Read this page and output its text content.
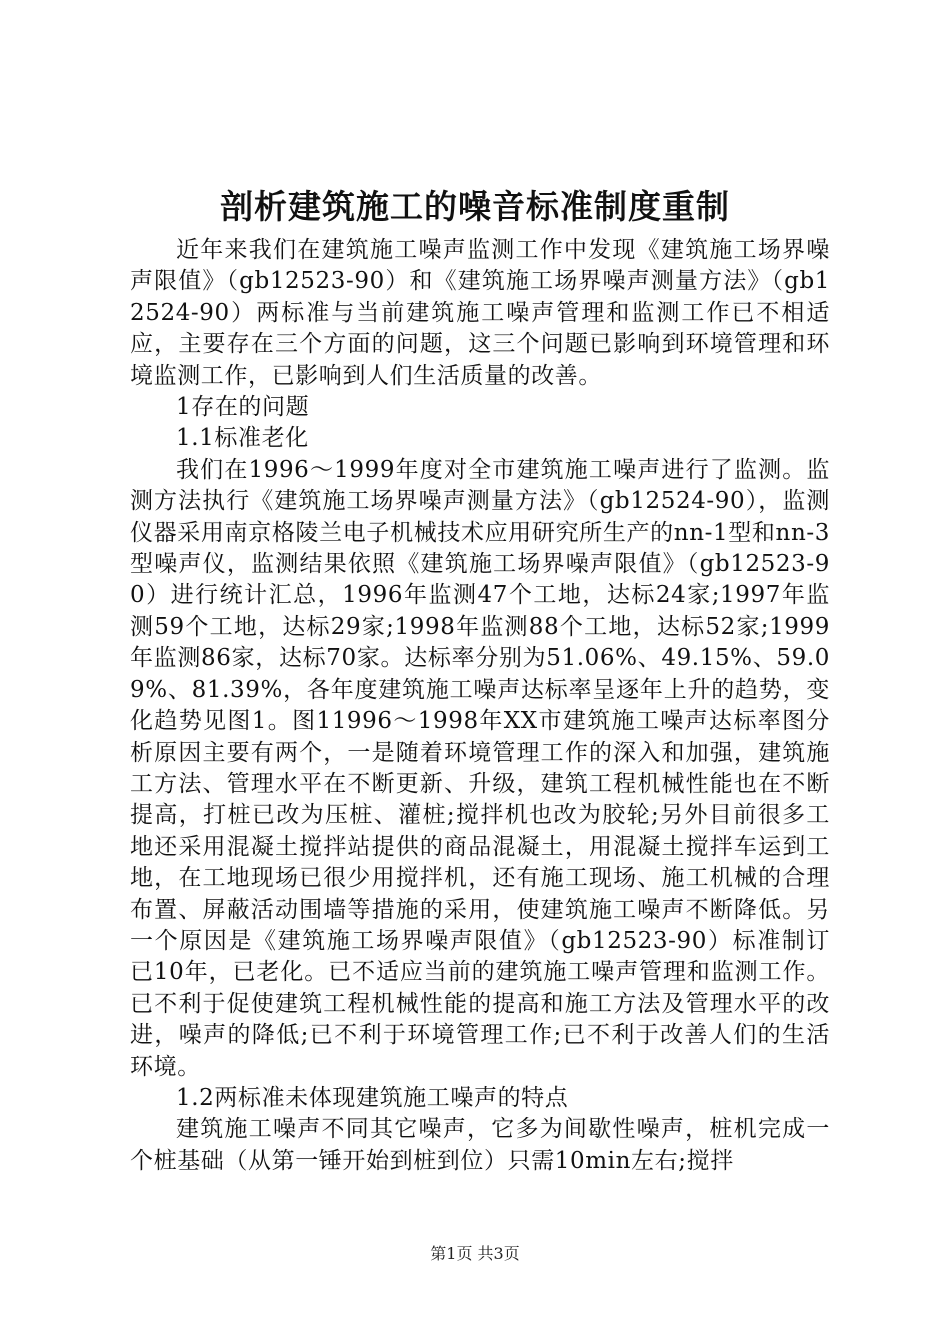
剖析建筑施工的噪音标准制度重制

近年来我们在建筑施工噪声监测工作中发现《建筑施工场界噪声限值》（gb12523-90）和《建筑施工场界噪声测量方法》（gb12524-90）两标准与当前建筑施工噪声管理和监测工作已不相适应，主要存在三个方面的问题，这三个问题已影响到环境管理和环境监测工作，已影响到人们生活质量的改善。

1存在的问题

1.1标准老化

我们在1996～1999年度对全市建筑施工噪声进行了监测。监测方法执行《建筑施工场界噪声测量方法》（gb12524-90），监测仪器采用南京格陵兰电子机械技术应用研究所生产的nn-1型和nn-3型噪声仪，监测结果依照《建筑施工场界噪声限值》（gb12523-90）进行统计汇总，1996年监测47个工地，达标24家;1997年监测59个工地，达标29家;1998年监测88个工地，达标52家;1999年监测86家，达标70家。达标率分别为51.06%、49.15%、59.09%、81.39%，各年度建筑施工噪声达标率呈逐年上升的趋势，变化趋势见图1。图11996～1998年XX市建筑施工噪声达标率图分析原因主要有两个，一是随着环境管理工作的深入和加强，建筑施工方法、管理水平在不断更新、升级，建筑工程机械性能也在不断提高，打桩已改为压桩、灌桩;搅拌机也改为胶轮;另外目前很多工地还采用混凝土搅拌站提供的商品混凝土，用混凝土搅拌车运到工地，在工地现场已很少用搅拌机，还有施工现场、施工机械的合理布置、屏蔽活动围墙等措施的采用，使建筑施工噪声不断降低。另一个原因是《建筑施工场界噪声限值》（gb12523-90）标准制订已10年，已老化。已不适应当前的建筑施工噪声管理和监测工作。已不利于促使建筑工程机械性能的提高和施工方法及管理水平的改进，噪声的降低;已不利于环境管理工作;已不利于改善人们的生活环境。

1.2两标准未体现建筑施工噪声的特点

建筑施工噪声不同其它噪声，它多为间歇性噪声，桩机完成一个桩基础（从第一锤开始到桩到位）只需10min左右;搅拌

第1页 共3页
